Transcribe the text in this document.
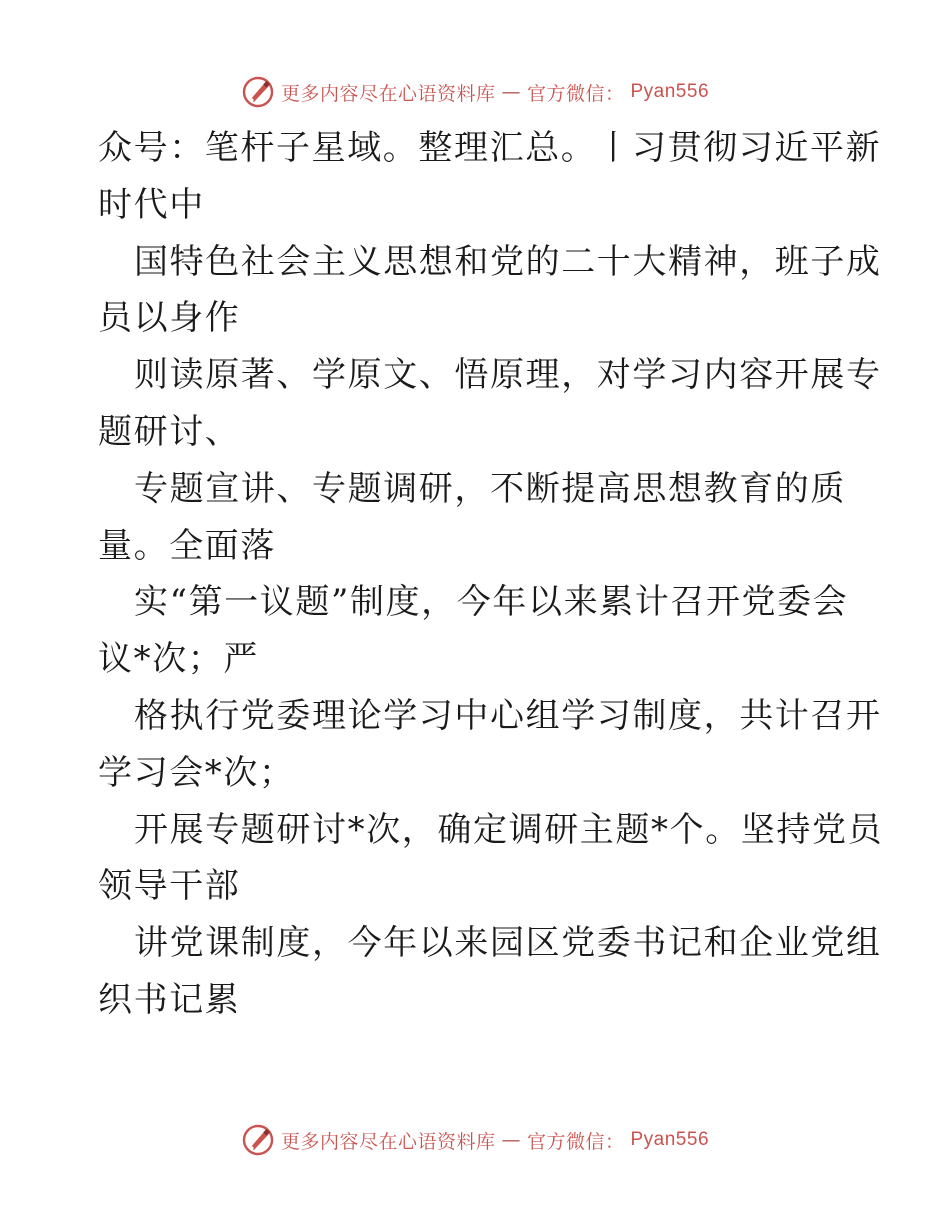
更多内容尽在心语资料库 — 官方微信： Pyan556
众号：笔杆子星域。整理汇总。丨习贯彻习近平新
时代中
国特色社会主义思想和党的二十大精神，班子成
员以身作
则读原著、学原文、悟原理，对学习内容开展专
题研讨、
专题宣讲、专题调研，不断提高思想教育的质
量。全面落
实“第一议题”制度，今年以来累计召开党委会
议*次；严
格执行党委理论学习中心组学习制度，共计召开
学习会*次；
开展专题研讨*次，确定调研主题*个。坚持党员
领导干部
讲党课制度，今年以来园区党委书记和企业党组
织书记累
更多内容尽在心语资料库 — 官方微信： Pyan556
